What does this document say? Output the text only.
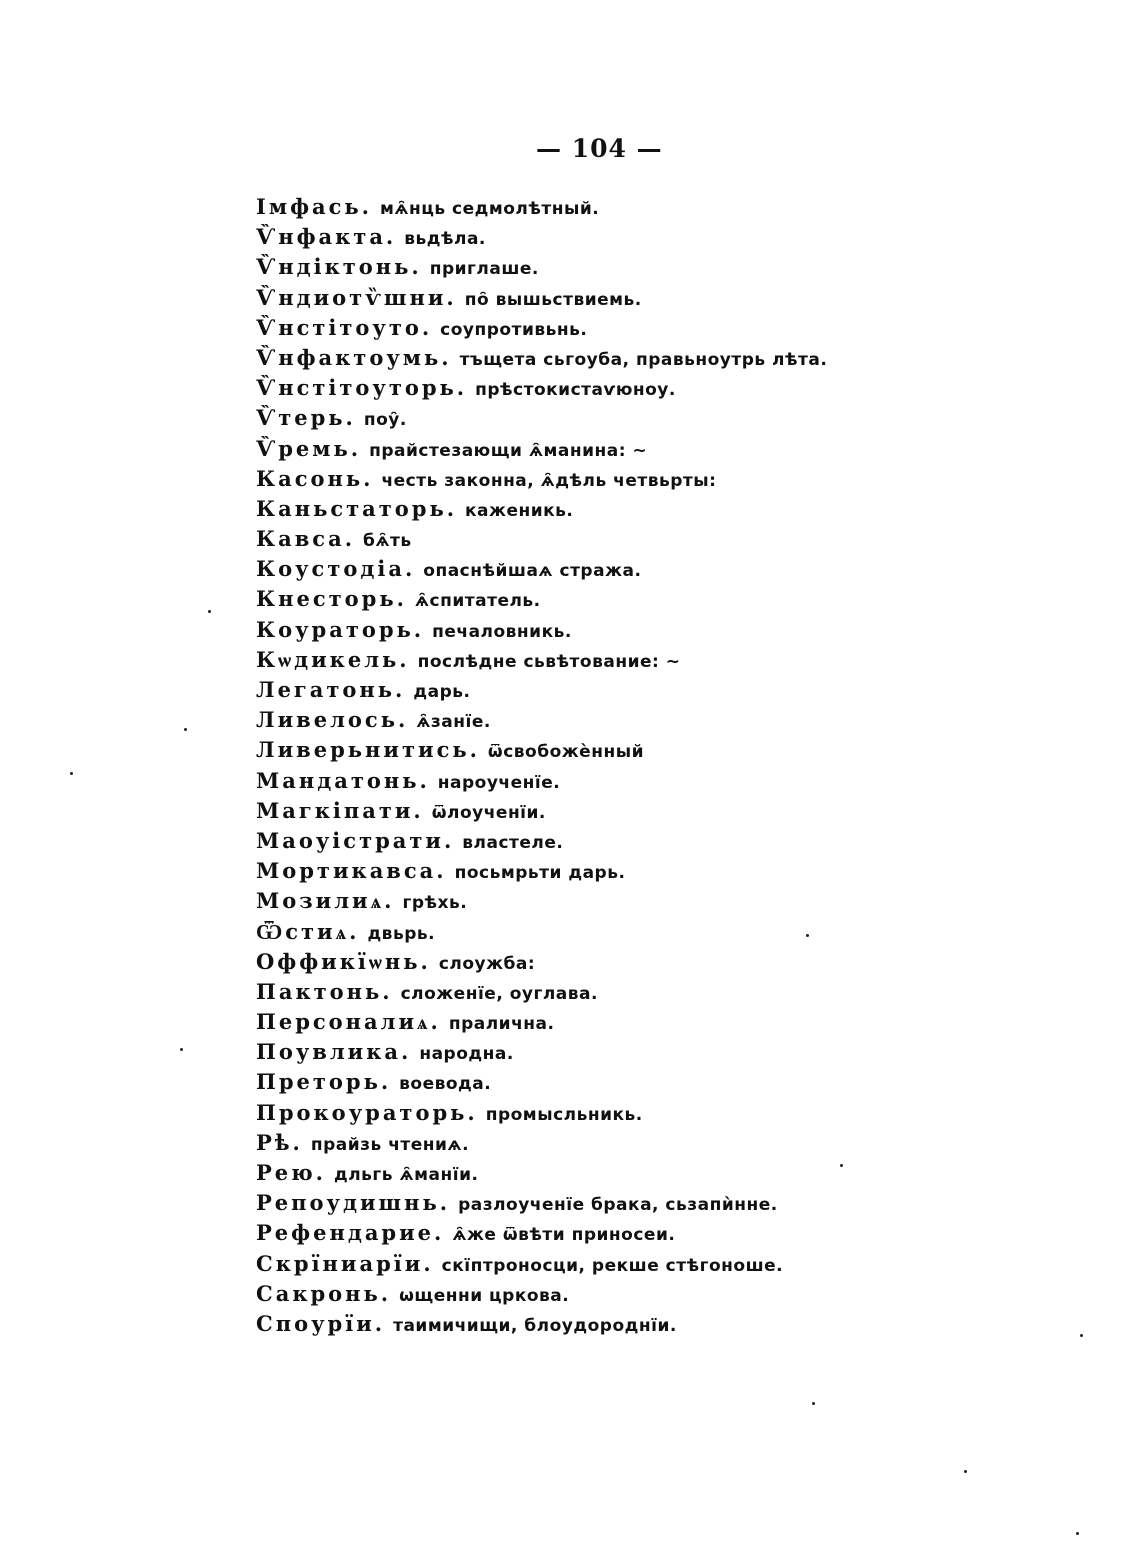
— 104 —
Імфась. мѧ̑нць седмолѣтный.
Ѷнфакта. вьдѣла.
Ѷндіктонь. приглаше.
Ѷндиотѷшни. по̑ вышьствиемь.
Ѷнстітоуто. соупротивьнь.
Ѷнфактоумь. тъщета сьгоуба, правьноутрь лѣта.
Ѷнстітоуторь. прѣстокистаѵюноу.
Ѷтерь. поу̑.
Ѷремь. прайстезающи ѧ̑манина: ~
Касонь. честь законна, ѧ̑дѣль четвьрты:
Каньстаторь. каженикь.
Кавса. бѧ̑ть
Коустодіа. опаснѣйшаѧ стража.
Кнесторь. ѧ̑спитатель.
Коураторь. печаловникь.
Кѡдикель. послѣдне сьвѣтование: ~
Легатонь. дарь.
Ливелось. ѧ̑занїе.
Ливерьнитись. ѿсвобожѐнный
Мандатонь. нароученїе.
Магкіпати. ѿлоученїи.
Маоуістрати. властеле.
Мортикавса. посьмрьти дарь.
Мозилиѧ. грѣхь.
Ѿстиѧ. двьрь.
Оффикїѡнь. слоужба:
Пактонь. сложенїе, оуглава.
Персоналиѧ. праличнa.
Поувлика. народна.
Преторь. воевода.
Прокоураторь. промысльникь.
Рѣ. прайзь чтениѧ.
Рею. дльгь ѧ̑манїи.
Репоудишнь. разлоученїе брака, сьзапѝнне.
Рефендарие. ѧ̑же ѿвѣти приносеи.
Скрїниарїи. скїптроносци, рекше стѣгоноше.
Сакронь. ѡщенни цркова.
Споурїи. таимичищи, блоудороднїи.
